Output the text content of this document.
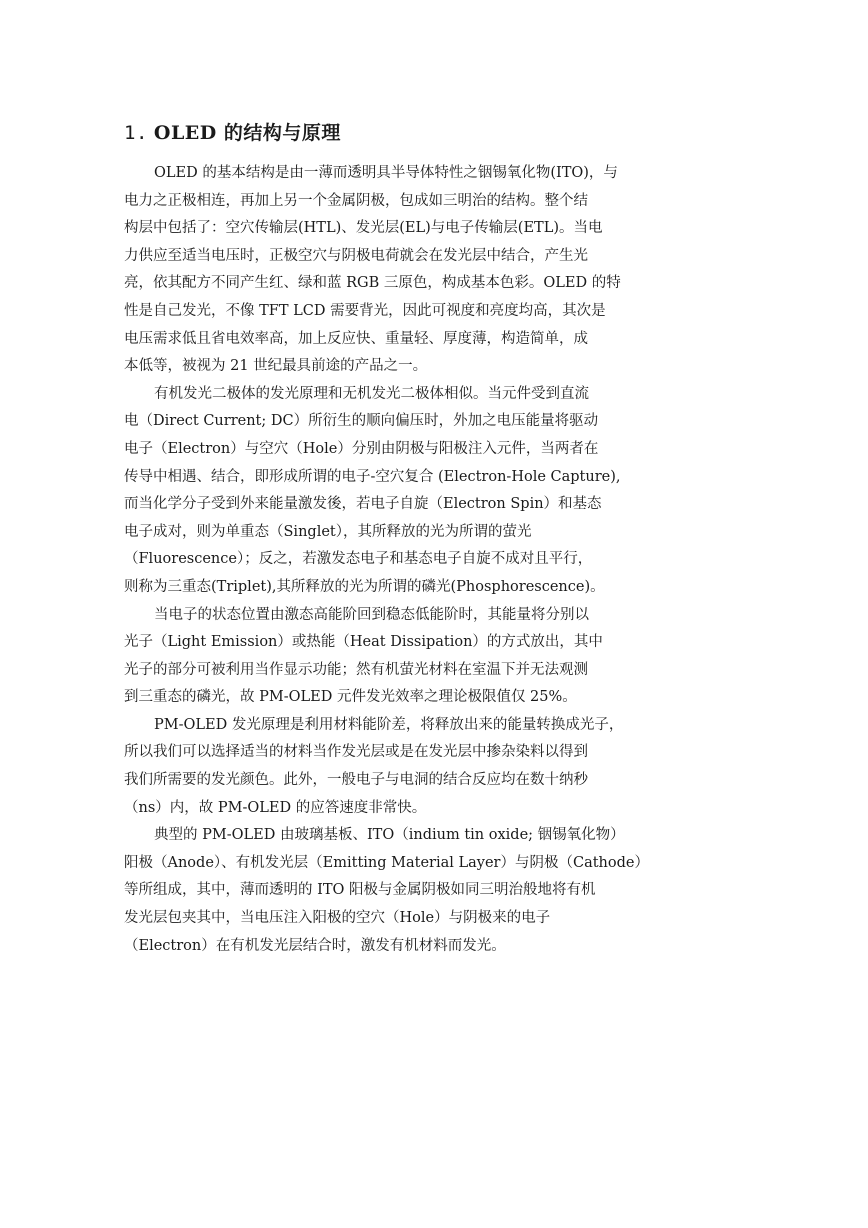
1. OLED 的结构与原理

OLED 的基本结构是由一薄而透明具半导体特性之铟锡氧化物(ITO)，与
电力之正极相连，再加上另一个金属阴极，包成如三明治的结构。整个结
构层中包括了：空穴传输层(HTL)、发光层(EL)与电子传输层(ETL)。当电
力供应至适当电压时，正极空穴与阴极电荷就会在发光层中结合，产生光
亮，依其配方不同产生红、绿和蓝 RGB 三原色，构成基本色彩。OLED 的特
性是自己发光，不像 TFT LCD 需要背光，因此可视度和亮度均高，其次是
电压需求低且省电效率高，加上反应快、重量轻、厚度薄，构造简单，成
本低等，被视为 21 世纪最具前途的产品之一。

有机发光二极体的发光原理和无机发光二极体相似。当元件受到直流
电（Direct Current; DC）所衍生的顺向偏压时，外加之电压能量将驱动
电子（Electron）与空穴（Hole）分别由阴极与阳极注入元件，当两者在
传导中相遇、结合，即形成所谓的电子-空穴复合 (Electron-Hole Capture),
而当化学分子受到外来能量激发後，若电子自旋（Electron Spin）和基态
电子成对，则为单重态（Singlet），其所释放的光为所谓的萤光
（Fluorescence）；反之，若激发态电子和基态电子自旋不成对且平行，
则称为三重态(Triplet),其所释放的光为所谓的磷光(Phosphorescence)。

当电子的状态位置由激态高能阶回到稳态低能阶时，其能量将分别以
光子（Light Emission）或热能（Heat Dissipation）的方式放出，其中
光子的部分可被利用当作显示功能；然有机萤光材料在室温下并无法观测
到三重态的磷光，故 PM-OLED 元件发光效率之理论极限值仅 25%。

PM-OLED 发光原理是利用材料能阶差，将释放出来的能量转换成光子，
所以我们可以选择适当的材料当作发光层或是在发光层中掺杂染料以得到
我们所需要的发光颜色。此外，一般电子与电洞的结合反应均在数十纳秒
（ns）内，故 PM-OLED 的应答速度非常快。

典型的 PM-OLED 由玻璃基板、ITO（indium tin oxide; 铟锡氧化物）
阳极（Anode）、有机发光层（Emitting Material Layer）与阴极（Cathode）
等所组成，其中，薄而透明的 ITO 阳极与金属阴极如同三明治般地将有机
发光层包夹其中，当电压注入阳极的空穴（Hole）与阴极来的电子
（Electron）在有机发光层结合时，激发有机材料而发光。
